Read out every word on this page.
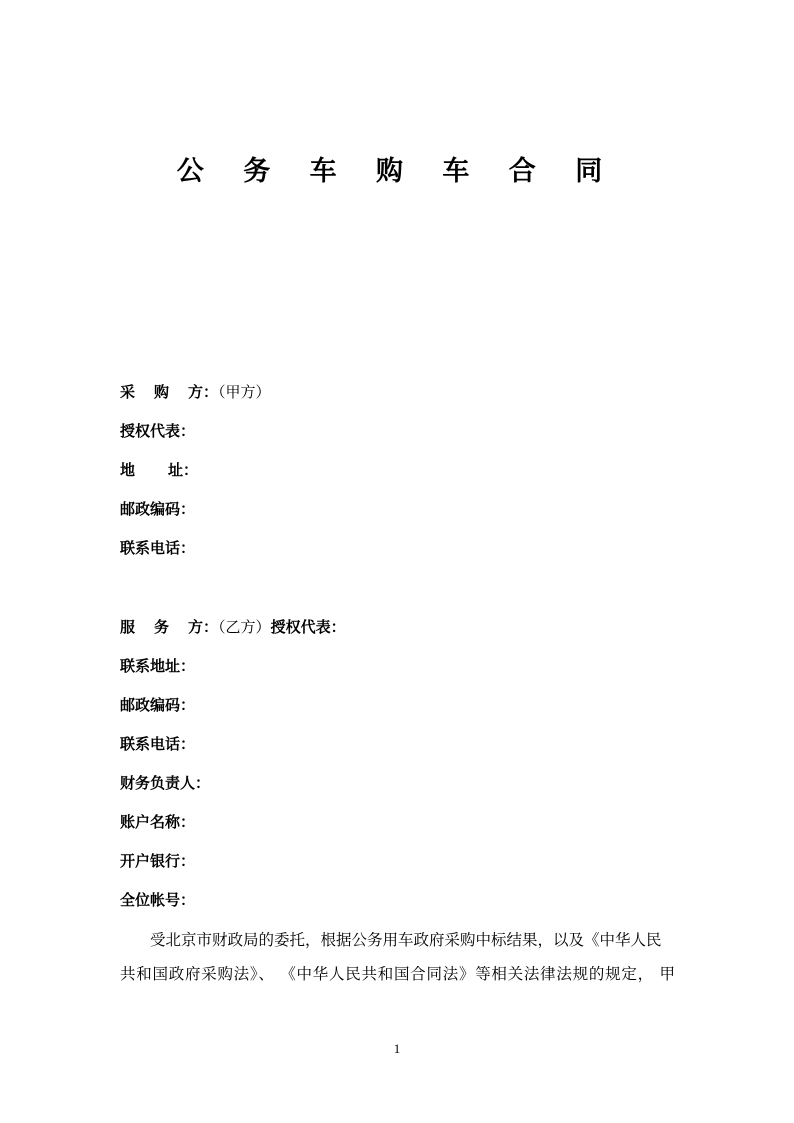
公 务 车 购 车 合 同
采 购 方：（甲方）
授权代表：
地 址：
邮政编码：
联系电话：
服 务 方：（乙方）授权代表：
联系地址：
邮政编码：
联系电话：
财务负责人：
账户名称：
开户银行：
全位帐号：
受北京市财政局的委托，根据公务用车政府采购中标结果，以及《中华人民
共和国政府采购法》、 《中华人民共和国合同法》等相关法律法规的规定， 甲
1
